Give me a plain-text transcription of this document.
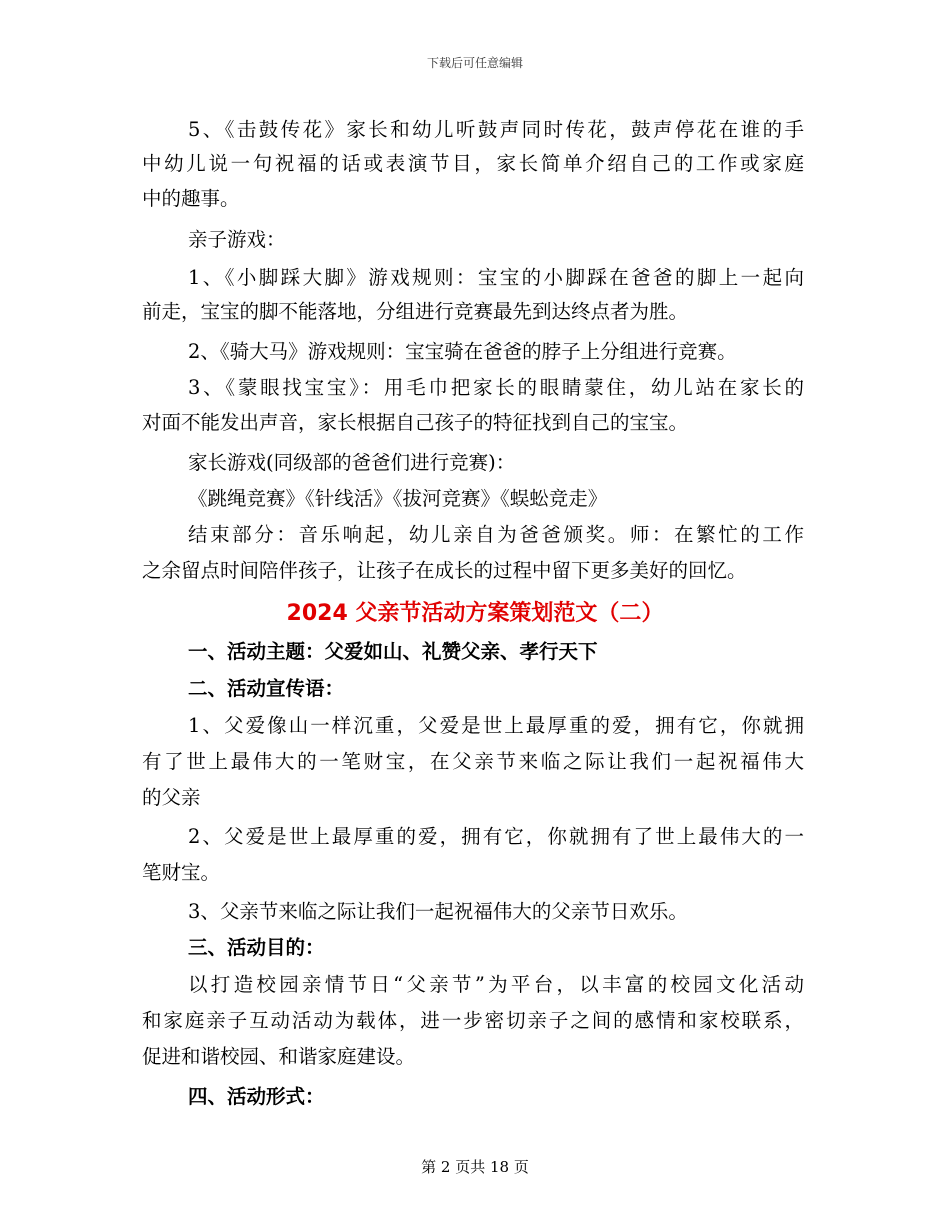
下载后可任意编辑
5、《击鼓传花》家长和幼儿听鼓声同时传花，鼓声停花在谁的手
中幼儿说一句祝福的话或表演节目，家长简单介绍自己的工作或家庭
中的趣事。
亲子游戏：
1、《小脚踩大脚》游戏规则：宝宝的小脚踩在爸爸的脚上一起向
前走，宝宝的脚不能落地，分组进行竞赛最先到达终点者为胜。
2、《骑大马》游戏规则：宝宝骑在爸爸的脖子上分组进行竞赛。
3、《蒙眼找宝宝》：用毛巾把家长的眼睛蒙住，幼儿站在家长的
对面不能发出声音，家长根据自己孩子的特征找到自己的宝宝。
家长游戏(同级部的爸爸们进行竞赛)：
《跳绳竞赛》《针线活》《拔河竞赛》《蜈蚣竞走》
结束部分：音乐响起，幼儿亲自为爸爸颁奖。师：在繁忙的工作
之余留点时间陪伴孩子，让孩子在成长的过程中留下更多美好的回忆。
2024 父亲节活动方案策划范文（二）
一、活动主题：父爱如山、礼赞父亲、孝行天下
二、活动宣传语：
1、父爱像山一样沉重，父爱是世上最厚重的爱，拥有它，你就拥
有了世上最伟大的一笔财宝，在父亲节来临之际让我们一起祝福伟大
的父亲
2、父爱是世上最厚重的爱，拥有它，你就拥有了世上最伟大的一
笔财宝。
3、父亲节来临之际让我们一起祝福伟大的父亲节日欢乐。
三、活动目的：
以打造校园亲情节日“父亲节”为平台，以丰富的校园文化活动
和家庭亲子互动活动为载体，进一步密切亲子之间的感情和家校联系，
促进和谐校园、和谐家庭建设。
四、活动形式：
第 2 页共 18 页
